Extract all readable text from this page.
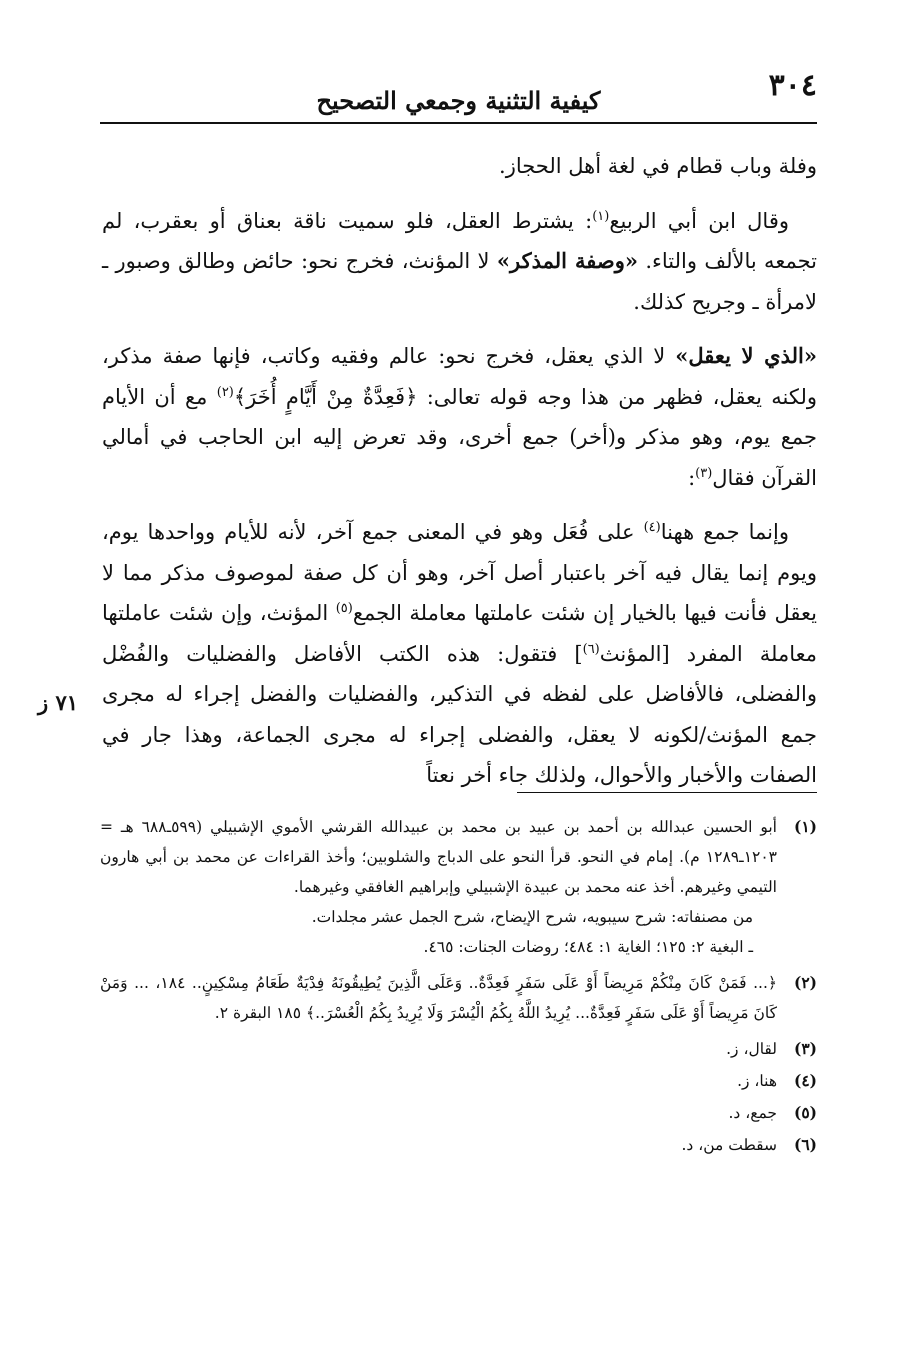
٣٠٤
كيفية التثنية وجمعي التصحيح

وفلة وباب قطام في لغة أهل الحجاز.

وقال ابن أبي الربيع$^{(١)}$: يشترط العقل، فلو سميت ناقة بعناق أو بعقرب، لم تجمعه بالألف والتاء. «وصفة المذكر» لا المؤنث، فخرج نحو: حائض وطالق وصبور ـ لامرأة ـ وجريح كذلك.

«الذي لا يعقل» لا الذي يعقل، فخرج نحو: عالم وفقيه وكاتب، فإنها صفة مذكر، ولكنه يعقل، فظهر من هذا وجه قوله تعالى: ﴿فَعِدَّةٌ مِنْ أَيَّامٍ أُخَرَ﴾$^{(٢)}$ مع أن الأيام جمع يوم، وهو مذكر و(أخر) جمع أخرى، وقد تعرض إليه ابن الحاجب في أمالي القرآن فقال$^{(٣)}$:

وإنما جمع ههنا$^{(٤)}$ على فُعَل وهو في المعنى جمع آخر، لأنه للأيام وواحدها يوم، ويوم إنما يقال فيه آخر باعتبار أصل آخر، وهو أن كل صفة لموصوف مذكر مما لا يعقل فأنت فيها بالخيار إن شئت عاملتها معاملة الجمع$^{(٥)}$ المؤنث، وإن شئت عاملتها معاملة المفرد [المؤنث$^{(٦)}$] فتقول: هذه الكتب الأفاضل والفضليات والفُضْل والفضلى، فالأفاضل على لفظه في التذكير، والفضليات والفضل إجراء له مجرى جمع المؤنث/لكونه لا يعقل، والفضلى إجراء له مجرى الجماعة، وهذا جار في الصفات والأخبار والأحوال، ولذلك جاء أخر نعتاً

٧١ ز
(١)

أبو الحسين عبدالله بن أحمد بن عبيد بن محمد بن عبيدالله القرشي الأموي الإشبيلي (٥٩٩ـ٦٨٨ هـ = ١٢٠٣ـ١٢٨٩ م). إمام في النحو. قرأ النحو على الدباج والشلوبين؛ وأخذ القراءات عن محمد بن أبي هارون التيمي وغيرهم. أخذ عنه محمد بن عبيدة الإشبيلي وإبراهيم الغافقي وغيرهما.

من مصنفاته: شرح سيبويه، شرح الإيضاح، شرح الجمل عشر مجلدات.

ـ البغية ٢: ١٢٥؛ الغاية ١: ٤٨٤؛ روضات الجنات: ٤٦٥.

(٢)

﴿... فَمَنْ كَانَ مِنْكُمْ مَرِيضاً أَوْ عَلَى سَفَرٍ فَعِدَّةٌ.. وَعَلَى الَّذِينَ يُطِيقُونَهُ فِدْيَةٌ طَعَامُ مِسْكِينٍ.. ١٨٤، ... وَمَنْ كَانَ مَرِيضاً أَوْ عَلَى سَفَرٍ فَعِدَّةٌ... يُرِيدُ اللَّهُ بِكُمُ الْيُسْرَ وَلَا يُرِيدُ بِكُمُ الْعُسْرَ..﴾ ١٨٥ البقرة ٢.

(٣)
لقال، ز.
(٤)
هنا، ز.
(٥)
جمع، د.
(٦)
سقطت من، د.
